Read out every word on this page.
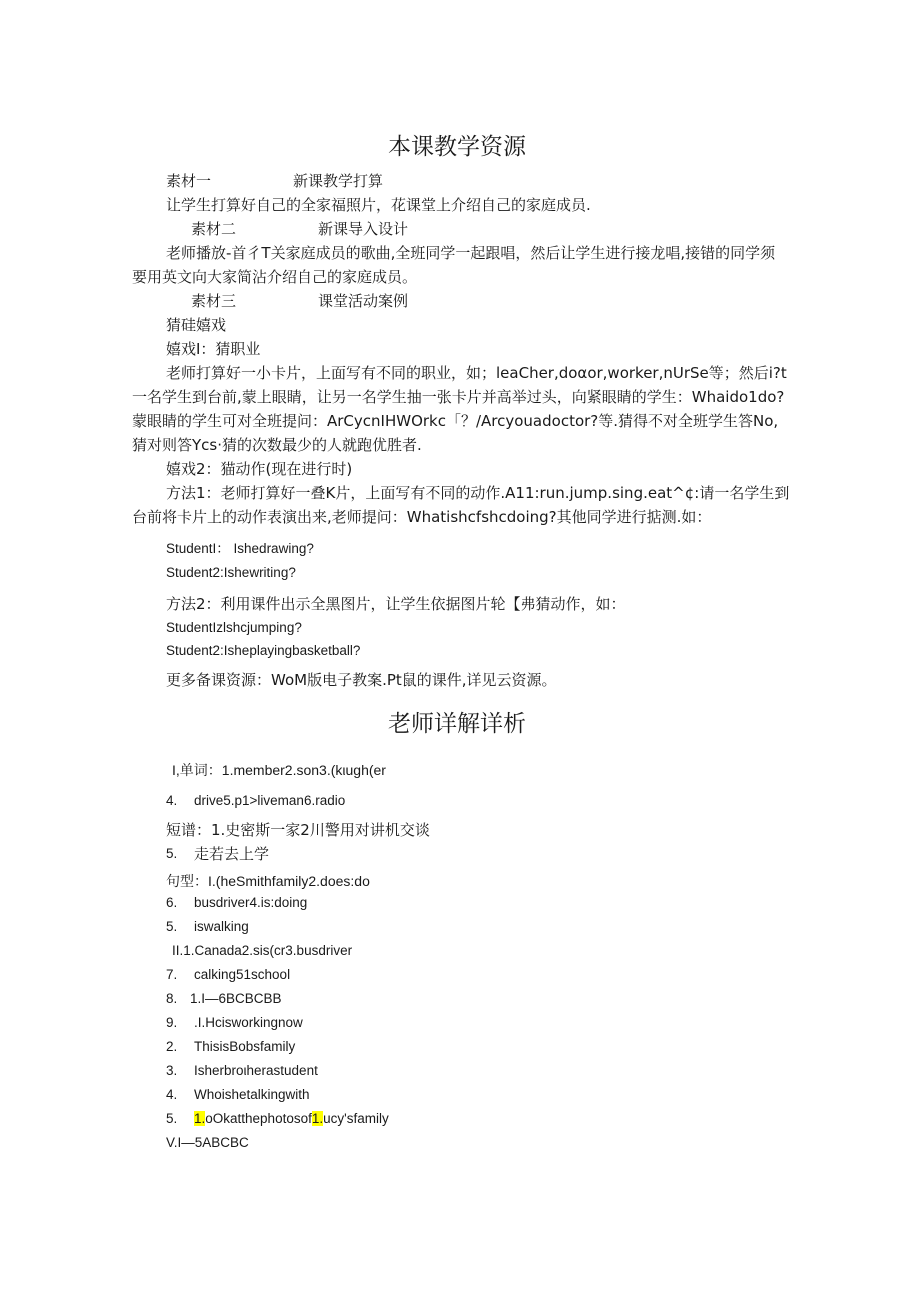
本课教学资源
素材一	新课教学打算
让学生打算好自己的全家福照片，花课堂上介绍自己的家庭成员.
素材二	新课导入设计
老师播放-首彳T关家庭成员的歌曲,全班同学一起跟唱，然后让学生进行接龙唱,接错的同学须要用英文向大家简沾介绍自己的家庭成员。
素材三	课堂活动案例
猜硅嬉戏
嬉戏I：猜职业
老师打算好一小卡片，上面写有不同的职业，如；leaCher,doαor,worker,nUrSe等；然后i?t一名学生到台前,蒙上眼睛，让另一名学生抽一张卡片并高举过头，向紧眼睛的学生：Whaido1do?蒙眼睛的学生可对全班提问：ArCycnIHWOrkc「？/Arcyouadoctor?等.猜得不对全班学生答No,猜对则答Ycs·猜的次数最少的人就跑优胜者.
嬉戏2：猫动作(现在进行时)
方法1：老师打算好一叠K片，上面写有不同的动作.A11:run.jump.sing.eat^¢:请一名学生到台前将卡片上的动作表演出来,老师提问：Whatishcfshcdoing?其他同学进行掂测.如：
StudentI： Ishedrawing?
Student2:Ishewriting?
方法2：利用课件出示全黑图片，让学生依据图片轮【弗猜动作，如：
StudentIzlshcjumping?
Student2:Ishepla​yingbasketball?
更多备课资源：WoM版电子教案.Pt鼠的课件,详见云资源。
老师详解详析
I,单词：1.member2.son3.(kιugh(er
4. drive5.p1>liveman6.radio
短谱：1.史密斯一家2川警用对讲机交谈
5. 走若去上学
句型：I.(heSmithfamily2.does:do
6. busdriver4.is:doing
5. iswalking
II.1.Canada2.sis(cr3.busdriver
7. calking51school
8. 1.I—6BCBCBB
9. .I.Hcisworkingnow
2. ThisisBobsfamily
3. Isherbroιherastudent
4. Whoishetalkingwith
5. 1.oOkatthephotosof1.ucy'sfamily
V.I—5ABCBC
